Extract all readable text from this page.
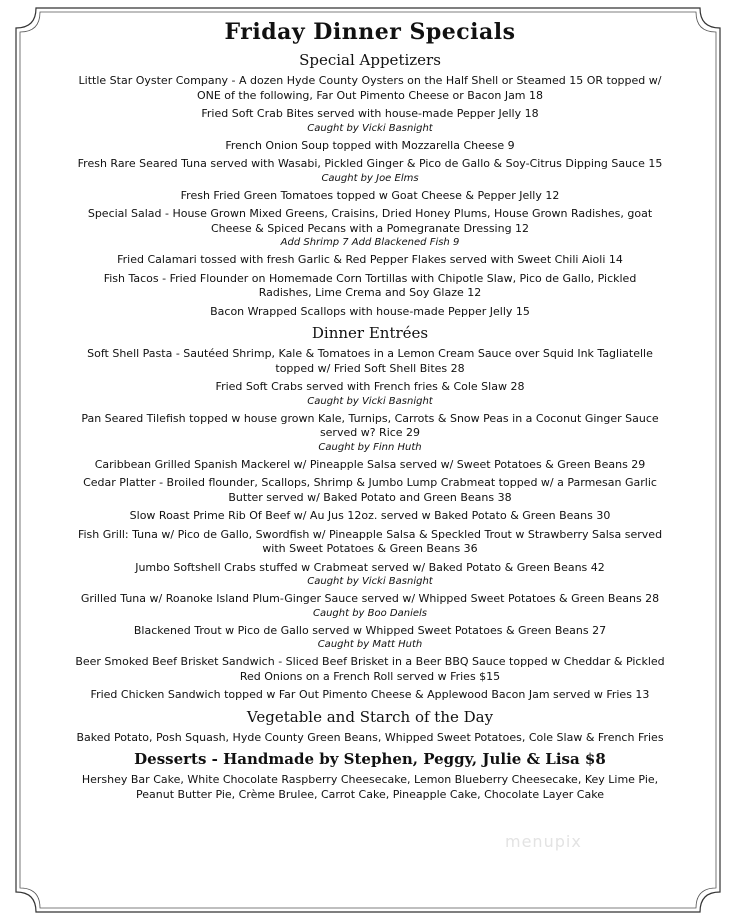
Friday Dinner Specials
Special Appetizers

Little Star Oyster Company - A dozen Hyde County Oysters on the Half Shell or Steamed 15 OR topped w/

ONE of the following, Far Out Pimento Cheese or Bacon Jam 18

Fried Soft Crab Bites served with house-made Pepper Jelly 18

Caught by Vicki Basnight

French Onion Soup topped with Mozzarella Cheese 9

Fresh Rare Seared Tuna served with Wasabi, Pickled Ginger & Pico de Gallo & Soy-Citrus Dipping Sauce 15

Caught by Joe Elms

Fresh Fried Green Tomatoes topped w Goat Cheese & Pepper Jelly 12

Special Salad - House Grown Mixed Greens, Craisins, Dried Honey Plums, House Grown Radishes, goat

Cheese & Spiced Pecans with a Pomegranate Dressing 12

Add Shrimp 7 Add Blackened Fish 9

Fried Calamari tossed with fresh Garlic & Red Pepper Flakes served with Sweet Chili Aioli 14

Fish Tacos - Fried Flounder on Homemade Corn Tortillas with Chipotle Slaw, Pico de Gallo, Pickled

Radishes, Lime Crema and Soy Glaze 12

Bacon Wrapped Scallops with house-made Pepper Jelly 15

Dinner Entrées

Soft Shell Pasta - Sautéed Shrimp, Kale & Tomatoes in a Lemon Cream Sauce over Squid Ink Tagliatelle

topped w/ Fried Soft Shell Bites 28

Fried Soft Crabs served with French fries & Cole Slaw 28

Caught by Vicki Basnight

Pan Seared Tilefish topped w house grown Kale, Turnips, Carrots & Snow Peas in a Coconut Ginger Sauce

served w? Rice 29

Caught by Finn Huth

Caribbean Grilled Spanish Mackerel w/ Pineapple Salsa served w/ Sweet Potatoes & Green Beans 29

Cedar Platter - Broiled flounder, Scallops, Shrimp & Jumbo Lump Crabmeat topped w/ a Parmesan Garlic

Butter served w/ Baked Potato and Green Beans 38

Slow Roast Prime Rib Of Beef w/ Au Jus 12oz. served w Baked Potato & Green Beans 30

Fish Grill: Tuna w/ Pico de Gallo, Swordfish w/ Pineapple Salsa & Speckled Trout w Strawberry Salsa served

with Sweet Potatoes & Green Beans 36

Jumbo Softshell Crabs stuffed w Crabmeat served w/ Baked Potato & Green Beans 42

Caught by Vicki Basnight

Grilled Tuna w/ Roanoke Island Plum-Ginger Sauce served w/ Whipped Sweet Potatoes & Green Beans 28

Caught by Boo Daniels

Blackened Trout w Pico de Gallo served w Whipped Sweet Potatoes & Green Beans 27

Caught by Matt Huth

Beer Smoked Beef Brisket Sandwich - Sliced Beef Brisket in a Beer BBQ Sauce topped w Cheddar & Pickled

Red Onions on a French Roll served w Fries $15

Fried Chicken Sandwich topped w Far Out Pimento Cheese & Applewood Bacon Jam served w Fries 13

Vegetable and Starch of the Day

Baked Potato, Posh Squash, Hyde County Green Beans, Whipped Sweet Potatoes, Cole Slaw & French Fries

Desserts - Handmade by Stephen, Peggy, Julie & Lisa $8

Hershey Bar Cake, White Chocolate Raspberry Cheesecake, Lemon Blueberry Cheesecake, Key Lime Pie,

Peanut Butter Pie, Crème Brulee, Carrot Cake, Pineapple Cake, Chocolate Layer Cake

menupix
